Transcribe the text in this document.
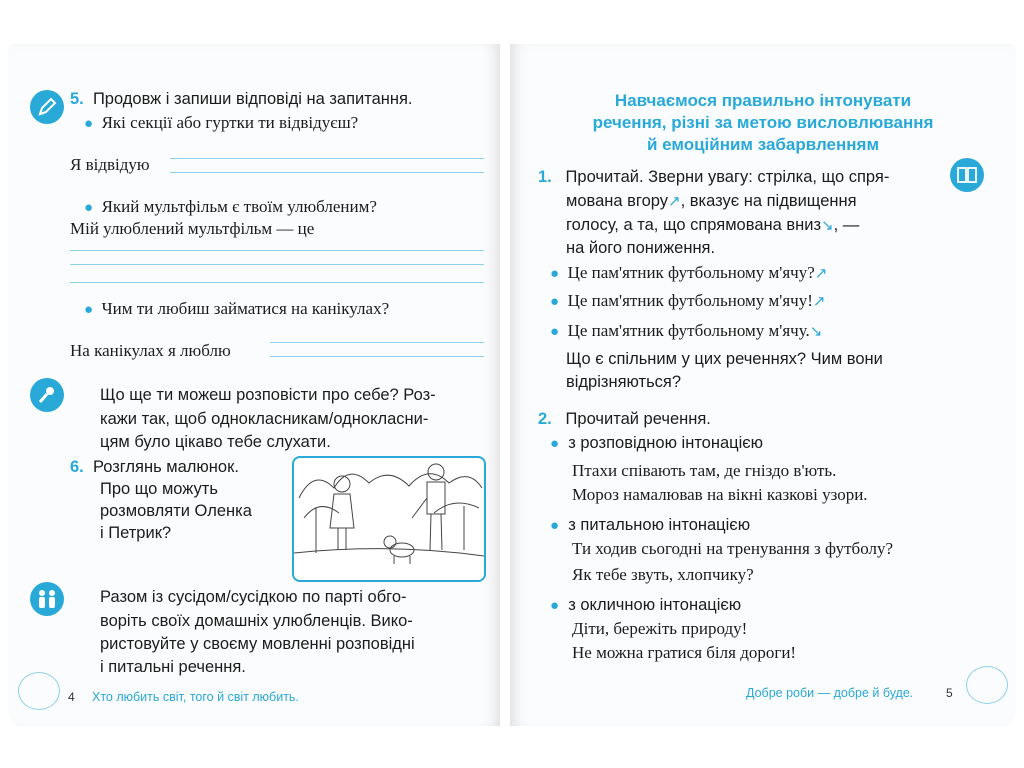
5. Продовж і запиши відповіді на запитання.
● Які секції або гуртки ти відвідуєш?
Я відвідую
● Який мультфільм є твоїм улюбленим?
Мій улюблений мультфільм — це
● Чим ти любиш займатися на канікулах?
На канікулах я люблю
Що ще ти можеш розповісти про себе? Роз-
кажи так, щоб однокласникам/однокласни-
цям було цікаво тебе слухати.
6. Розглянь малюнок.
Про що можуть
розмовляти Оленка
і Петрик?
Разом із сусідом/сусідкою по парті обго-
воріть своїх домашніх улюбленців. Вико-
ристовуйте у своєму мовленні розповідні
і питальні речення.
4 Хто любить світ, того й світ любить.
Навчаємося правильно інтонувати
речення, різні за метою висловлювання
й емоційним забарвленням
1. Прочитай. Зверни увагу: стрілка, що спря-
мована вгору↗, вказує на підвищення
голосу, а та, що спрямована вниз↘, —
на його пониження.
● Це пам'ятник футбольному м'ячу?↗
● Це пам'ятник футбольному м'ячу!↗
● Це пам'ятник футбольному м'ячу.↘
Що є спільним у цих реченнях? Чим вони
відрізняються?
2. Прочитай речення.
● з розповідною інтонацією
Птахи співають там, де гніздо в'ють.
Мороз намалював на вікні казкові узори.
● з питальною інтонацією
Ти ходив сьогодні на тренування з футболу?
Як тебе звуть, хлопчику?
● з окличною інтонацією
Діти, бережіть природу!
Не можна гратися біля дороги!
Добре роби — добре й буде.	5
